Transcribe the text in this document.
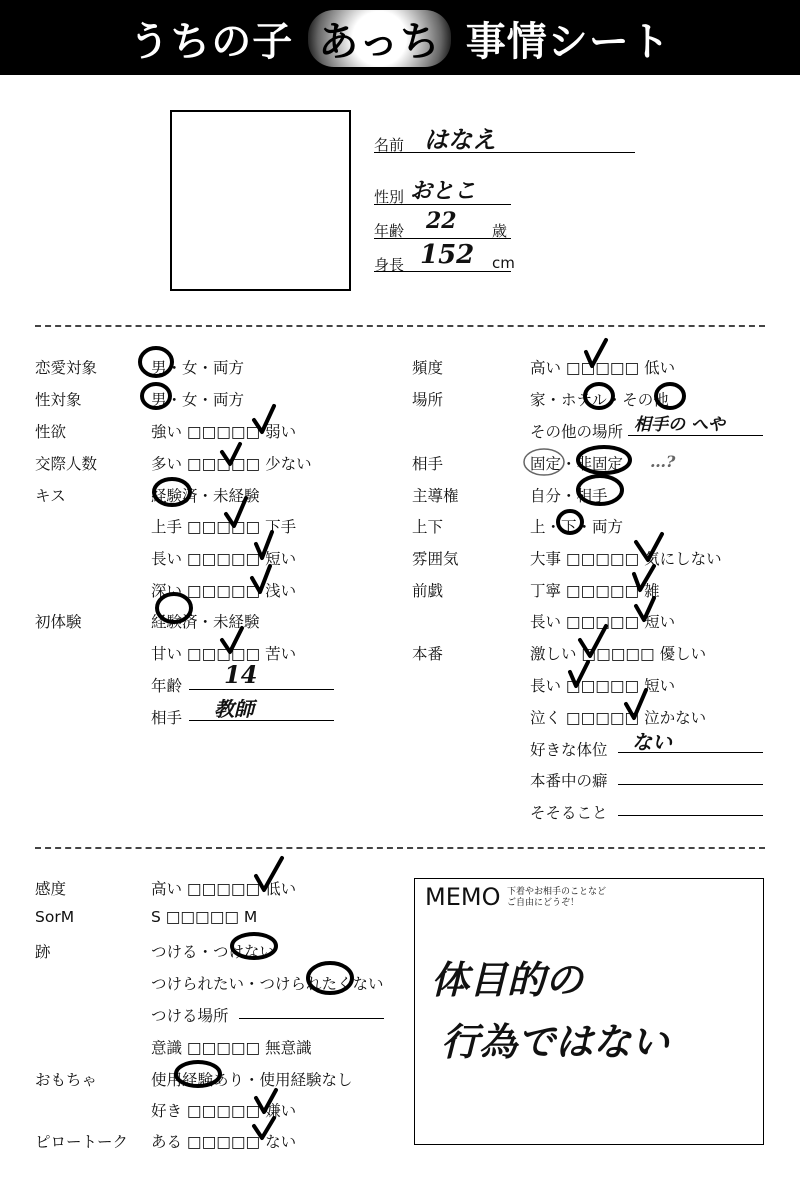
うちの子 あっち 事情シート
名前 はなえ
性別 おとこ
年齢 22 歳
身長 152 cm
恋愛対象	男・女・両方
性対象	男・女・両方
性欲	強い □□□□□ 弱い
交際人数	多い □□□□□ 少ない
キス	経験済・未経験
上手 □□□□□ 下手
長い □□□□□ 短い
深い □□□□□ 浅い
初体験	経験済・未経験
甘い □□□□□ 苦い
年齢 14
相手 教師
頻度	高い □□□□□ 低い
場所	家・ホテル・その他
その他の場所 相手の へや
相手	固定・非固定 …?
主導権	自分・相手
上下	上・下・両方
雰囲気	大事 □□□□□ 気にしない
前戯	丁寧 □□□□□ 雑
長い □□□□□ 短い
本番	激しい □□□□□ 優しい
長い □□□□□ 短い
泣く □□□□□ 泣かない
好きな体位 ない
本番中の癖
そそること
感度	高い □□□□□ 低い
SorM	S □□□□□ M
跡	つける・つけない
つけられたい・つけられたくない
つける場所
意識 □□□□□ 無意識
おもちゃ	使用経験あり・使用経験なし
好き □□□□□ 嫌い
ピロートーク ある □□□□□ ない
MEMO 下着やお相手のことなど
ご自由にどうぞ！
体目的の
行為ではない
